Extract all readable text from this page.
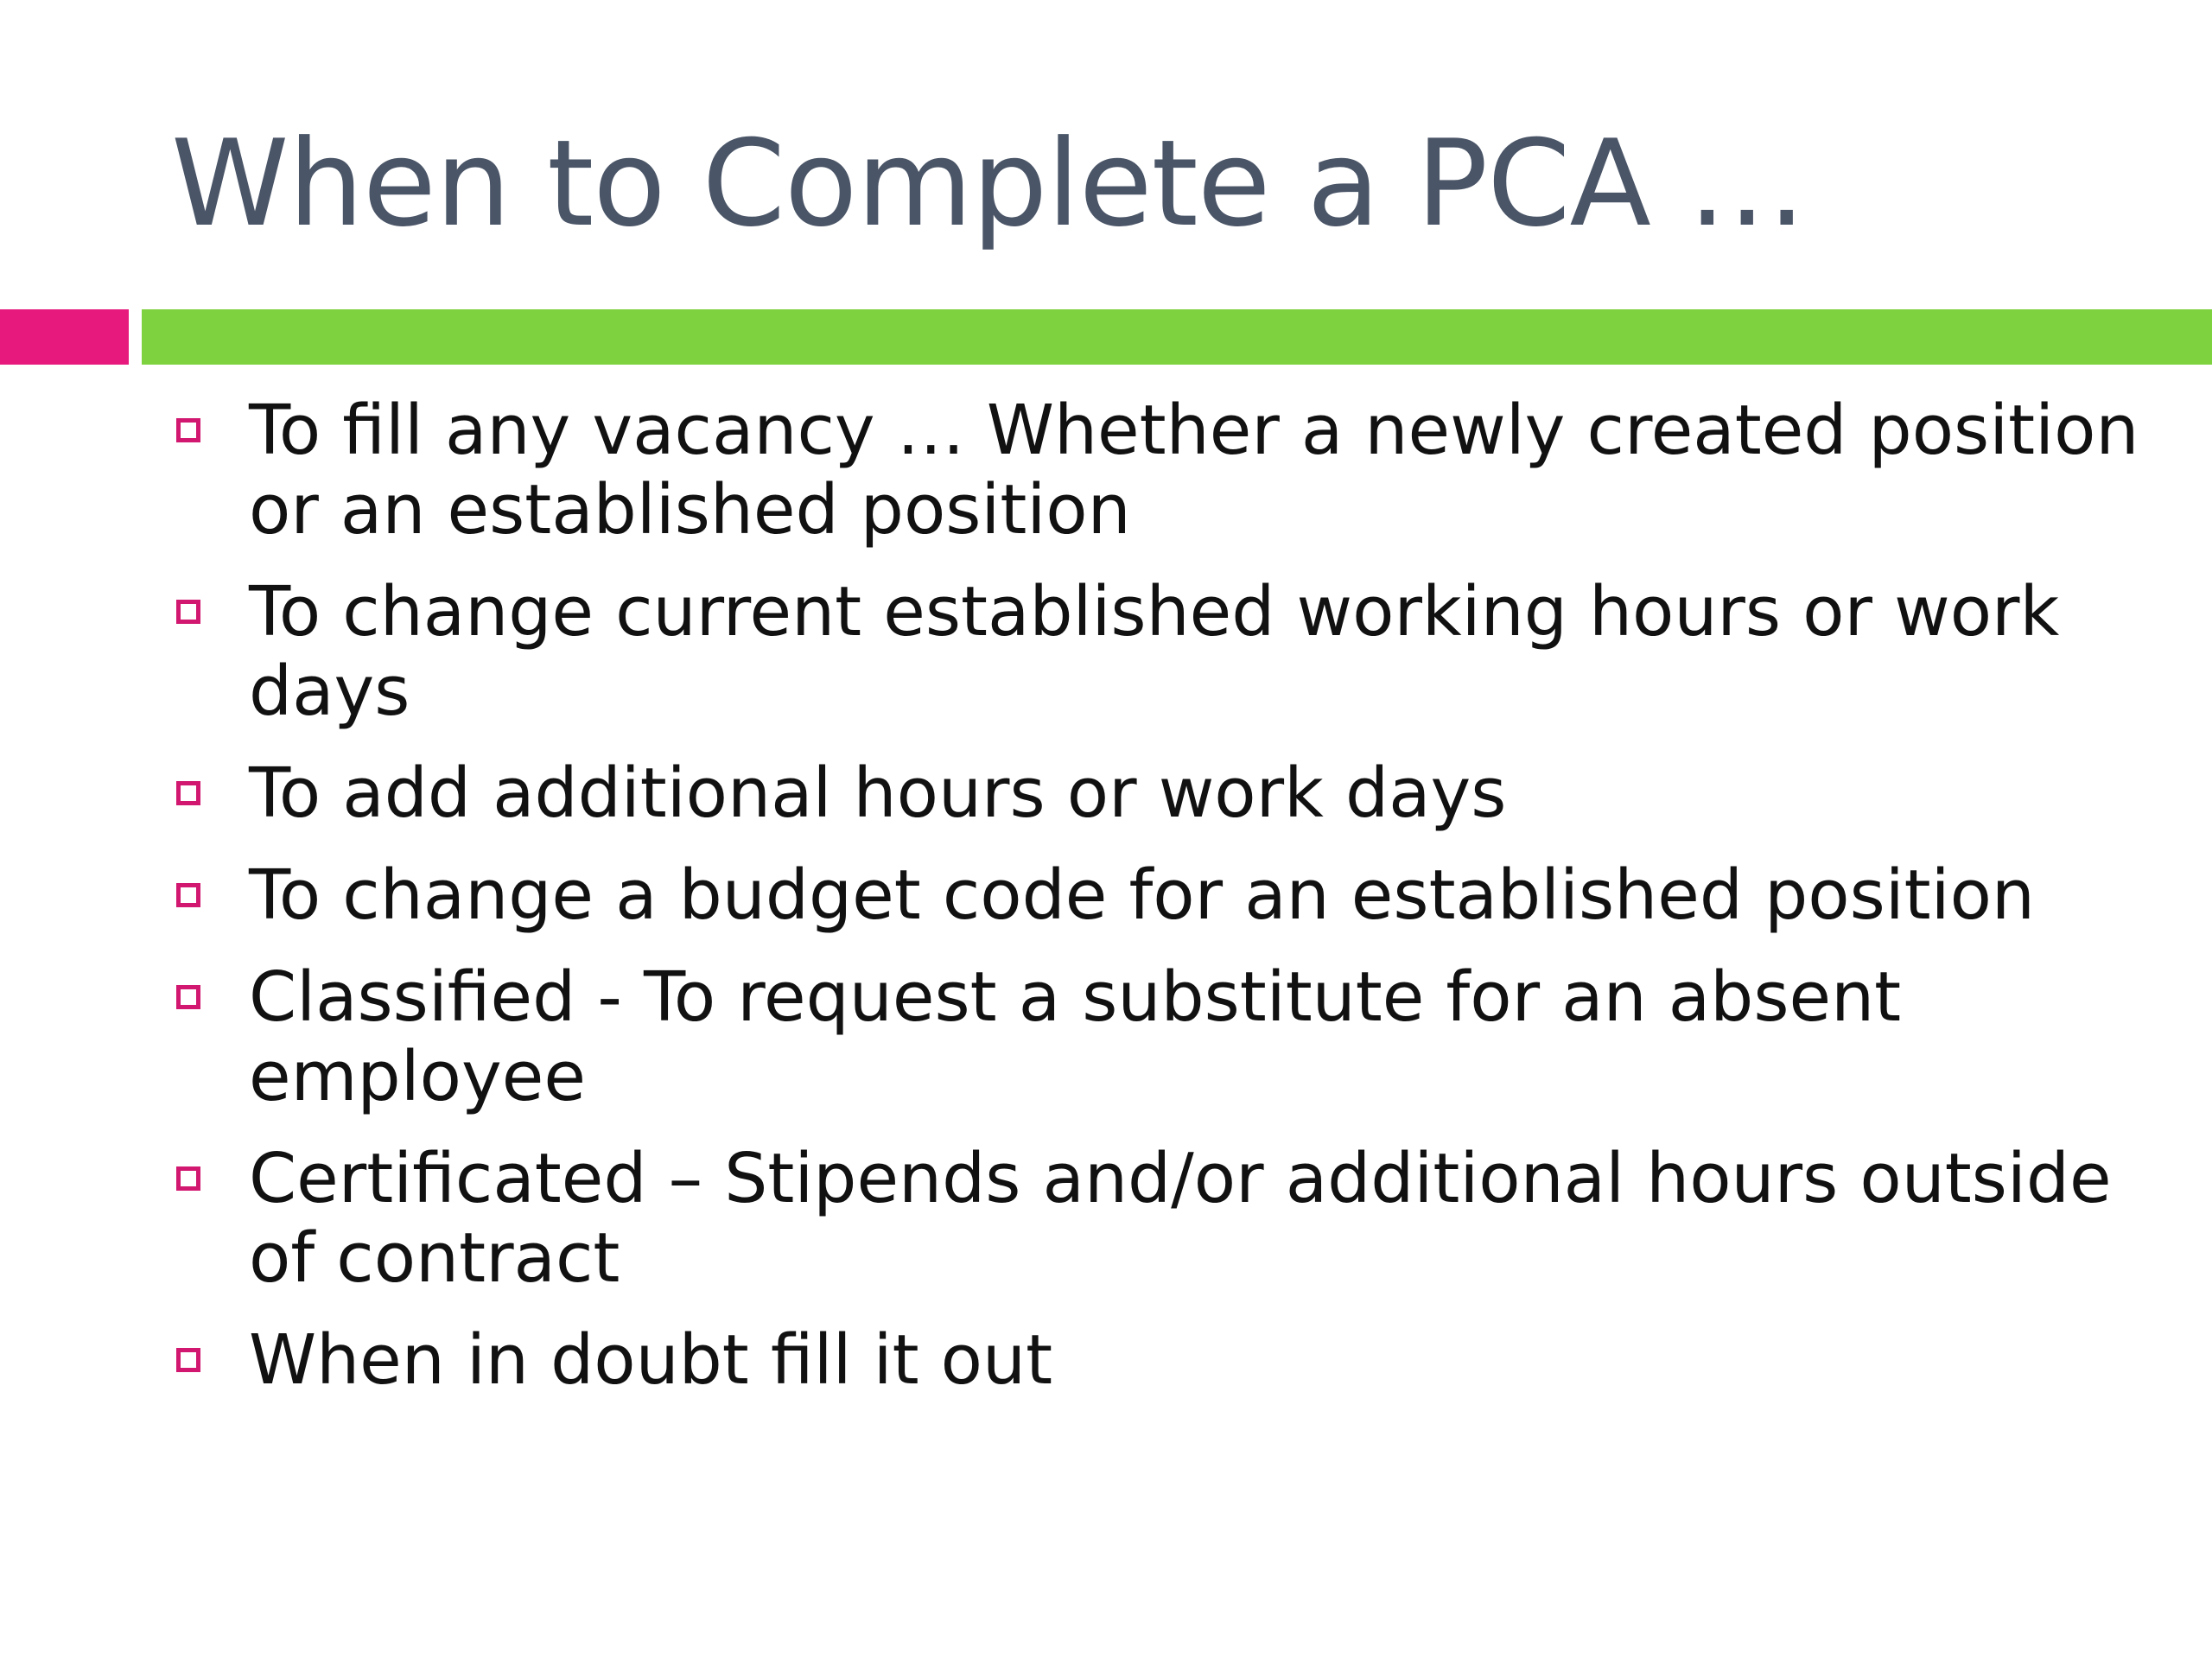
When to Complete a PCA …
To fill any vacancy … Whether a newly created position or an established position
To change current established working hours or work days
To add additional hours or work days
To change a budget code for an established position
Classified - To request a substitute for an absent employee
Certificated – Stipends and/or additional hours outside of contract
When in doubt fill it out
